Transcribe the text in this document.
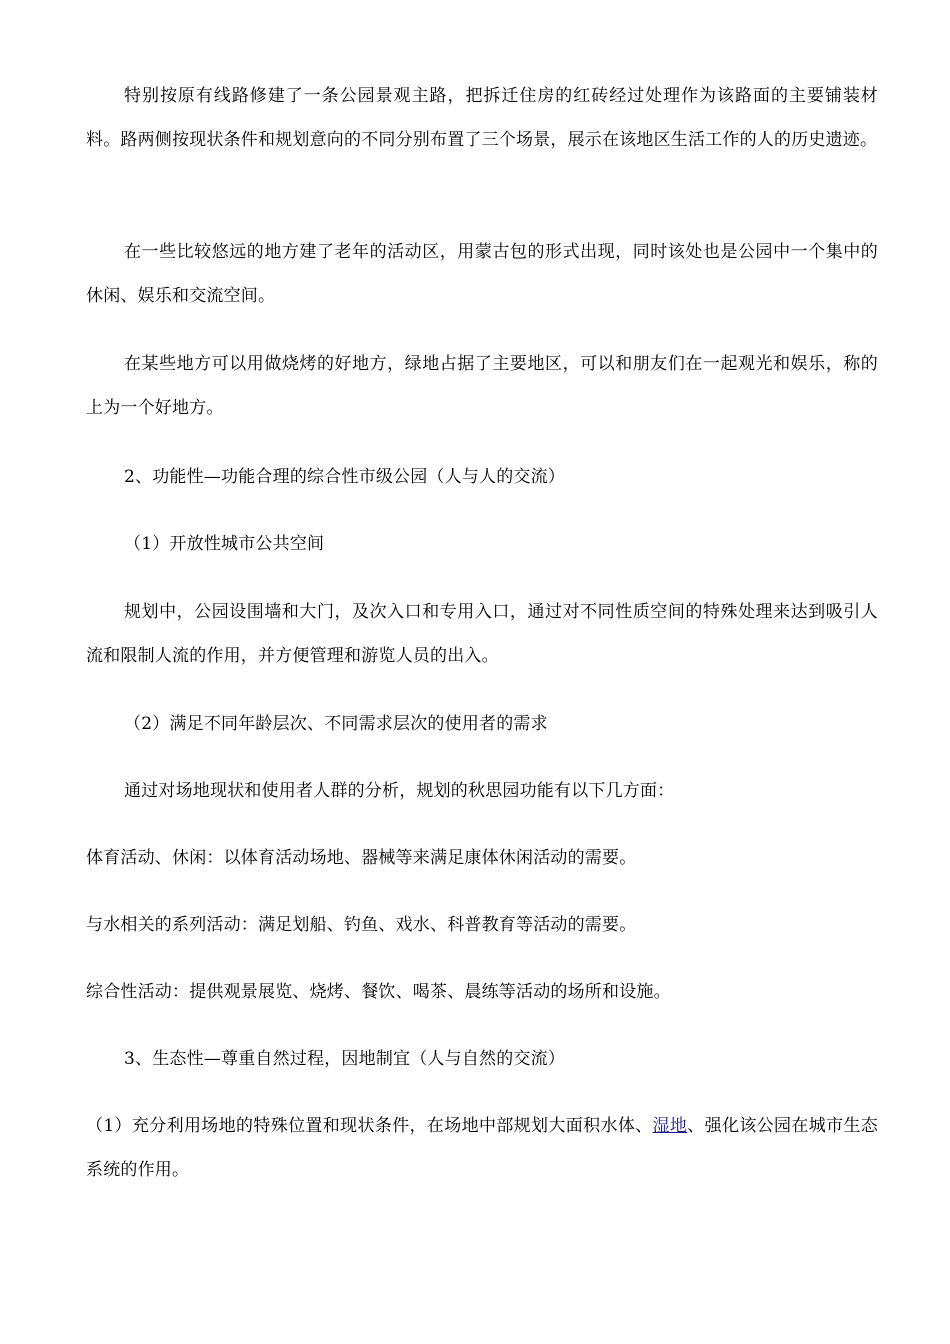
特别按原有线路修建了一条公园景观主路，把拆迁住房的红砖经过处理作为该路面的主要铺装材料。路两侧按现状条件和规划意向的不同分别布置了三个场景，展示在该地区生活工作的人的历史遗迹。

在一些比较悠远的地方建了老年的活动区，用蒙古包的形式出现，同时该处也是公园中一个集中的休闲、娱乐和交流空间。

在某些地方可以用做烧烤的好地方，绿地占据了主要地区，可以和朋友们在一起观光和娱乐，称的上为一个好地方。

2、功能性—功能合理的综合性市级公园（人与人的交流）

（1）开放性城市公共空间

规划中，公园设围墙和大门，及次入口和专用入口，通过对不同性质空间的特殊处理来达到吸引人流和限制人流的作用，并方便管理和游览人员的出入。

（2）满足不同年龄层次、不同需求层次的使用者的需求

通过对场地现状和使用者人群的分析，规划的秋思园功能有以下几方面：

体育活动、休闲：以体育活动场地、器械等来满足康体休闲活动的需要。

与水相关的系列活动：满足划船、钓鱼、戏水、科普教育等活动的需要。

综合性活动：提供观景展览、烧烤、餐饮、喝茶、晨练等活动的场所和设施。

3、生态性—尊重自然过程，因地制宜（人与自然的交流）

（1）充分利用场地的特殊位置和现状条件，在场地中部规划大面积水体、湿地、强化该公园在城市生态系统的作用。
